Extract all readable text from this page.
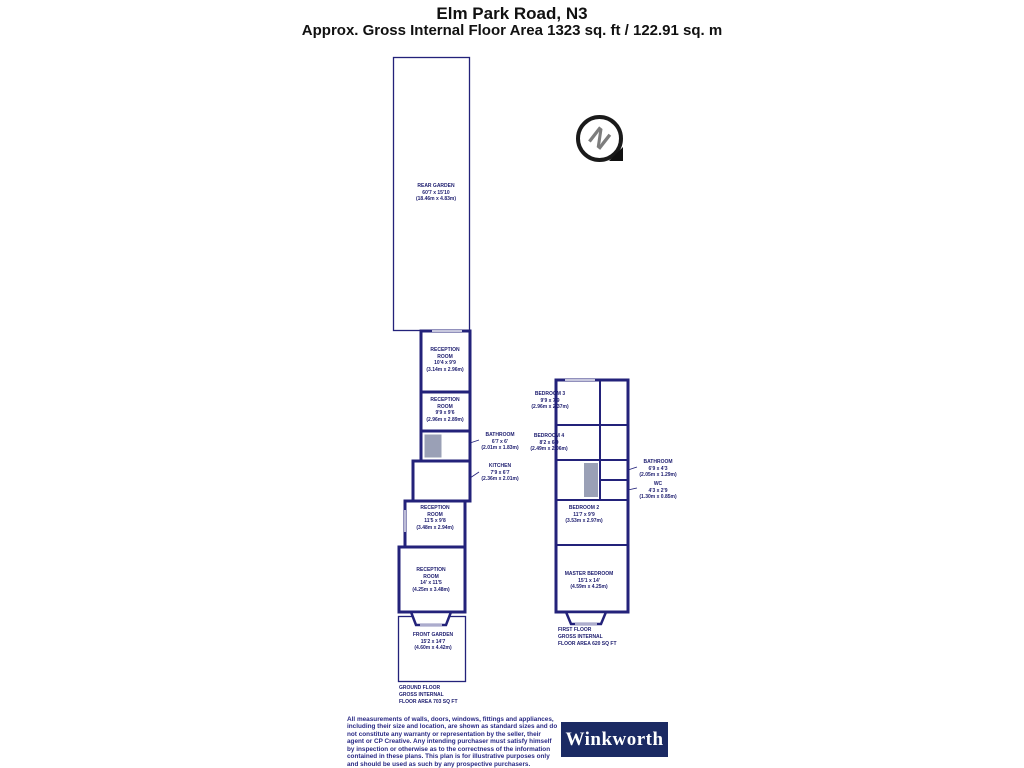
Elm Park Road, N3
Approx. Gross Internal Floor Area 1323 sq. ft / 122.91 sq. m
N
REAR GARDEN
60'7 x 15'10
(18.46m x 4.83m)
RECEPTION
ROOM
10'4 x 9'9
(3.14m x 2.96m)
RECEPTION
ROOM
9'9 x 9'6
(2.96m x 2.89m)
BATHROOM
6'7 x 6'
(2.01m x 1.83m)
KITCHEN
7'9 x 6'7
(2.36m x 2.01m)
RECEPTION
ROOM
11'5 x 9'8
(3.48m x 2.94m)
RECEPTION
ROOM
14' x 11'5
(4.25m x 3.48m)
FRONT GARDEN
15'2 x 14'7
(4.60m x 4.42m)
GROUND FLOOR
GROSS INTERNAL
FLOOR AREA 703 SQ FT
BEDROOM 3
9'9 x 7'9
(2.96m x 2.37m)
BEDROOM 4
8'2 x 6'9
(2.49m x 2.06m)
BATHROOM
6'9 x 4'3
(2.05m x 1.29m)
WC
4'3 x 2'9
(1.30m x 0.85m)
BEDROOM 2
11'7 x 9'9
(3.53m x 2.97m)
MASTER BEDROOM
15'1 x 14'
(4.59m x 4.25m)
FIRST FLOOR
GROSS INTERNAL
FLOOR AREA 620 SQ FT
All measurements of walls, doors, windows, fittings and appliances, including their size and location, are shown as standard sizes and do not constitute any warranty or representation by the seller, their agent or CP Creative. Any intending purchaser must satisfy himself by inspection or otherwise as to the correctness of the information contained in these plans. This plan is for illustrative purposes only and should be used as such by any prospective purchasers.
Winkworth
